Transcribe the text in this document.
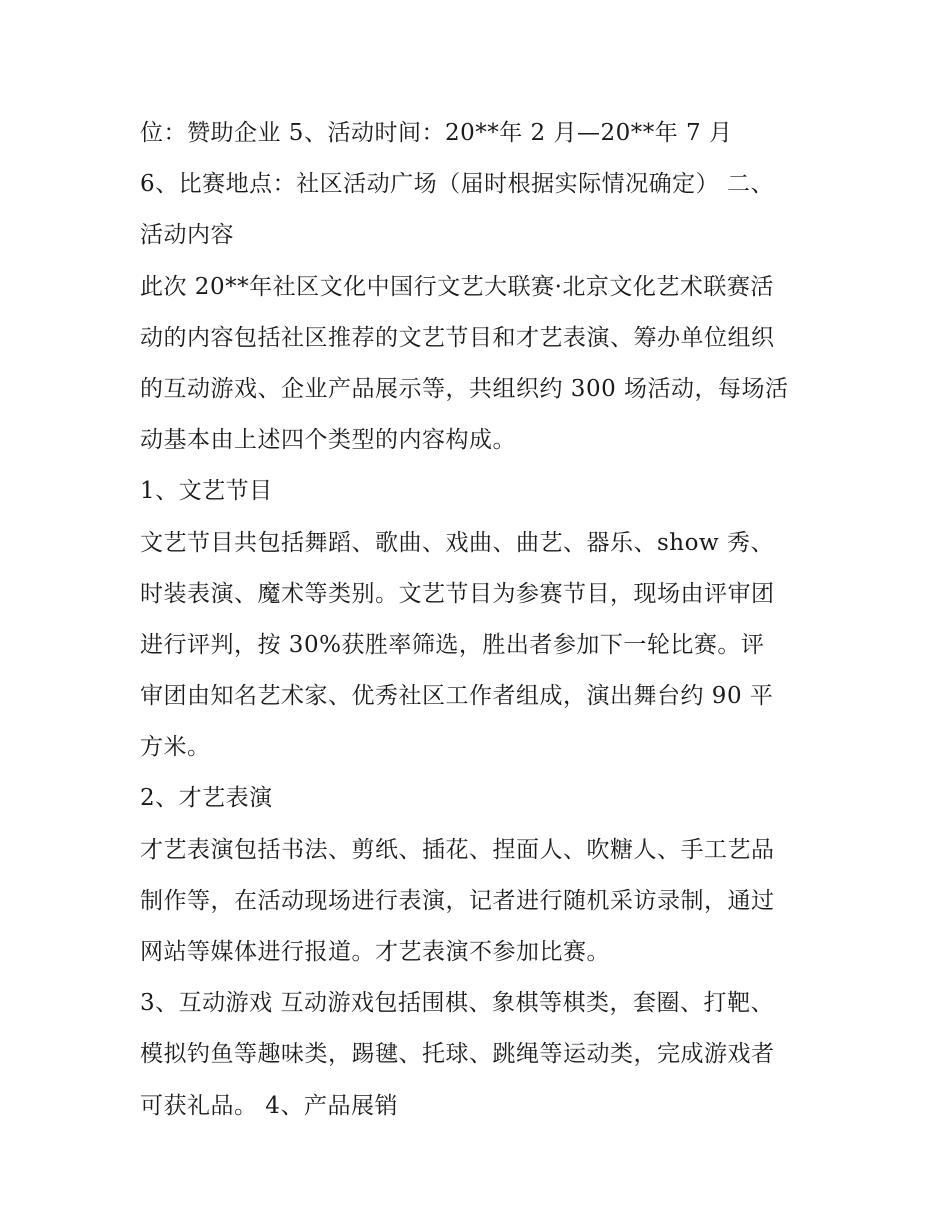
位：赞助企业 5、活动时间：20**年 2 月—20**年 7 月
6、比赛地点：社区活动广场（届时根据实际情况确定） 二、
活动内容
此次 20**年社区文化中国行文艺大联赛·北京文化艺术联赛活
动的内容包括社区推荐的文艺节目和才艺表演、筹办单位组织
的互动游戏、企业产品展示等，共组织约 300 场活动，每场活
动基本由上述四个类型的内容构成。
1、文艺节目
文艺节目共包括舞蹈、歌曲、戏曲、曲艺、器乐、show 秀、
时装表演、魔术等类别。文艺节目为参赛节目，现场由评审团
进行评判，按 30%获胜率筛选，胜出者参加下一轮比赛。评
审团由知名艺术家、优秀社区工作者组成，演出舞台约 90 平
方米。
2、才艺表演
才艺表演包括书法、剪纸、插花、捏面人、吹糖人、手工艺品
制作等，在活动现场进行表演，记者进行随机采访录制，通过
网站等媒体进行报道。才艺表演不参加比赛。
3、互动游戏 互动游戏包括围棋、象棋等棋类，套圈、打靶、
模拟钓鱼等趣味类，踢毽、托球、跳绳等运动类，完成游戏者
可获礼品。 4、产品展销
